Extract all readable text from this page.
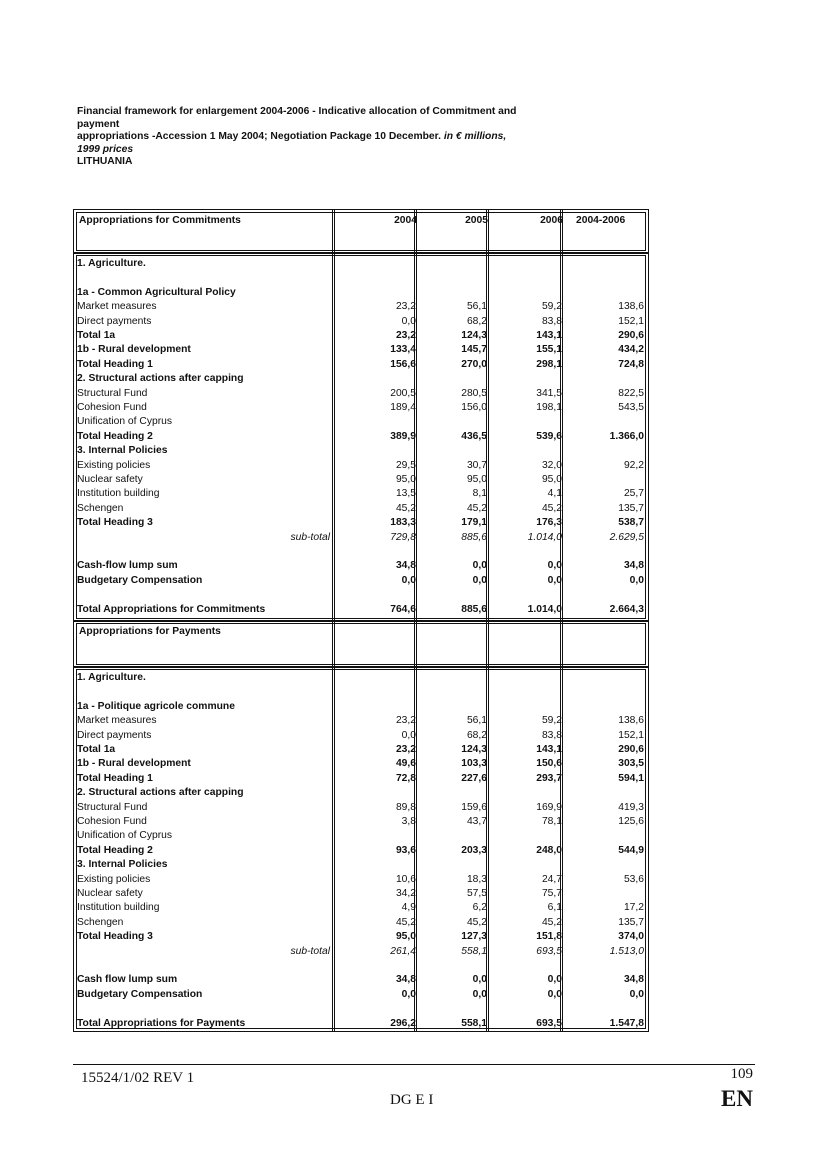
Financial framework for enlargement 2004-2006 - Indicative allocation of Commitment and
payment
appropriations -Accession 1 May 2004; Negotiation Package 10 December. in € millions,
1999 prices
LITHUANIA
Appropriations for Commitments	2004	2005	2006 2004-2006
1. Agriculture.
1a - Common Agricultural Policy
Market measures	23,2	56,1	59,2	138,6
Direct payments	0,0	68,2	83,8	152,1
Total 1a	23,2	124,3	143,1	290,6
1b - Rural development	133,4	145,7	155,1	434,2
Total Heading 1	156,6	270,0	298,1	724,8
2. Structural actions after capping
Structural Fund	200,5	280,5	341,5	822,5
Cohesion Fund	189,4	156,0	198,1	543,5
Unification of Cyprus
Total Heading 2	389,9	436,5	539,6	1.366,0
3. Internal Policies
Existing policies	29,5	30,7	32,0	92,2
Nuclear safety	95,0	95,0	95,0
Institution building	13,5	8,1	4,1	25,7
Schengen	45,2	45,2	45,2	135,7
Total Heading 3	183,3	179,1	176,3	538,7
sub-total	729,8	885,6	1.014,0	2.629,5
Cash-flow lump sum	34,8	0,0	0,0	34,8
Budgetary Compensation	0,0	0,0	0,0	0,0
Total Appropriations for Commitments	764,6	885,6	1.014,0	2.664,3
Appropriations for Payments
1. Agriculture.
1a - Politique agricole commune
Market measures	23,2	56,1	59,2	138,6
Direct payments	0,0	68,2	83,8	152,1
Total 1a	23,2	124,3	143,1	290,6
1b - Rural development	49,6	103,3	150,6	303,5
Total Heading 1	72,8	227,6	293,7	594,1
2. Structural actions after capping
Structural Fund	89,8	159,6	169,9	419,3
Cohesion Fund	3,8	43,7	78,1	125,6
Unification of Cyprus
Total Heading 2	93,6	203,3	248,0	544,9
3. Internal Policies
Existing policies	10,6	18,3	24,7	53,6
Nuclear safety	34,2	57,5	75,7
Institution building	4,9	6,2	6,1	17,2
Schengen	45,2	45,2	45,2	135,7
Total Heading 3	95,0	127,3	151,8	374,0
sub-total	261,4	558,1	693,5	1.513,0
Cash flow lump sum	34,8	0,0	0,0	34,8
Budgetary Compensation	0,0	0,0	0,0	0,0
Total Appropriations for Payments	296,2	558,1	693,5	1.547,8
15524/1/02 REV 1	109
DG E I	EN
